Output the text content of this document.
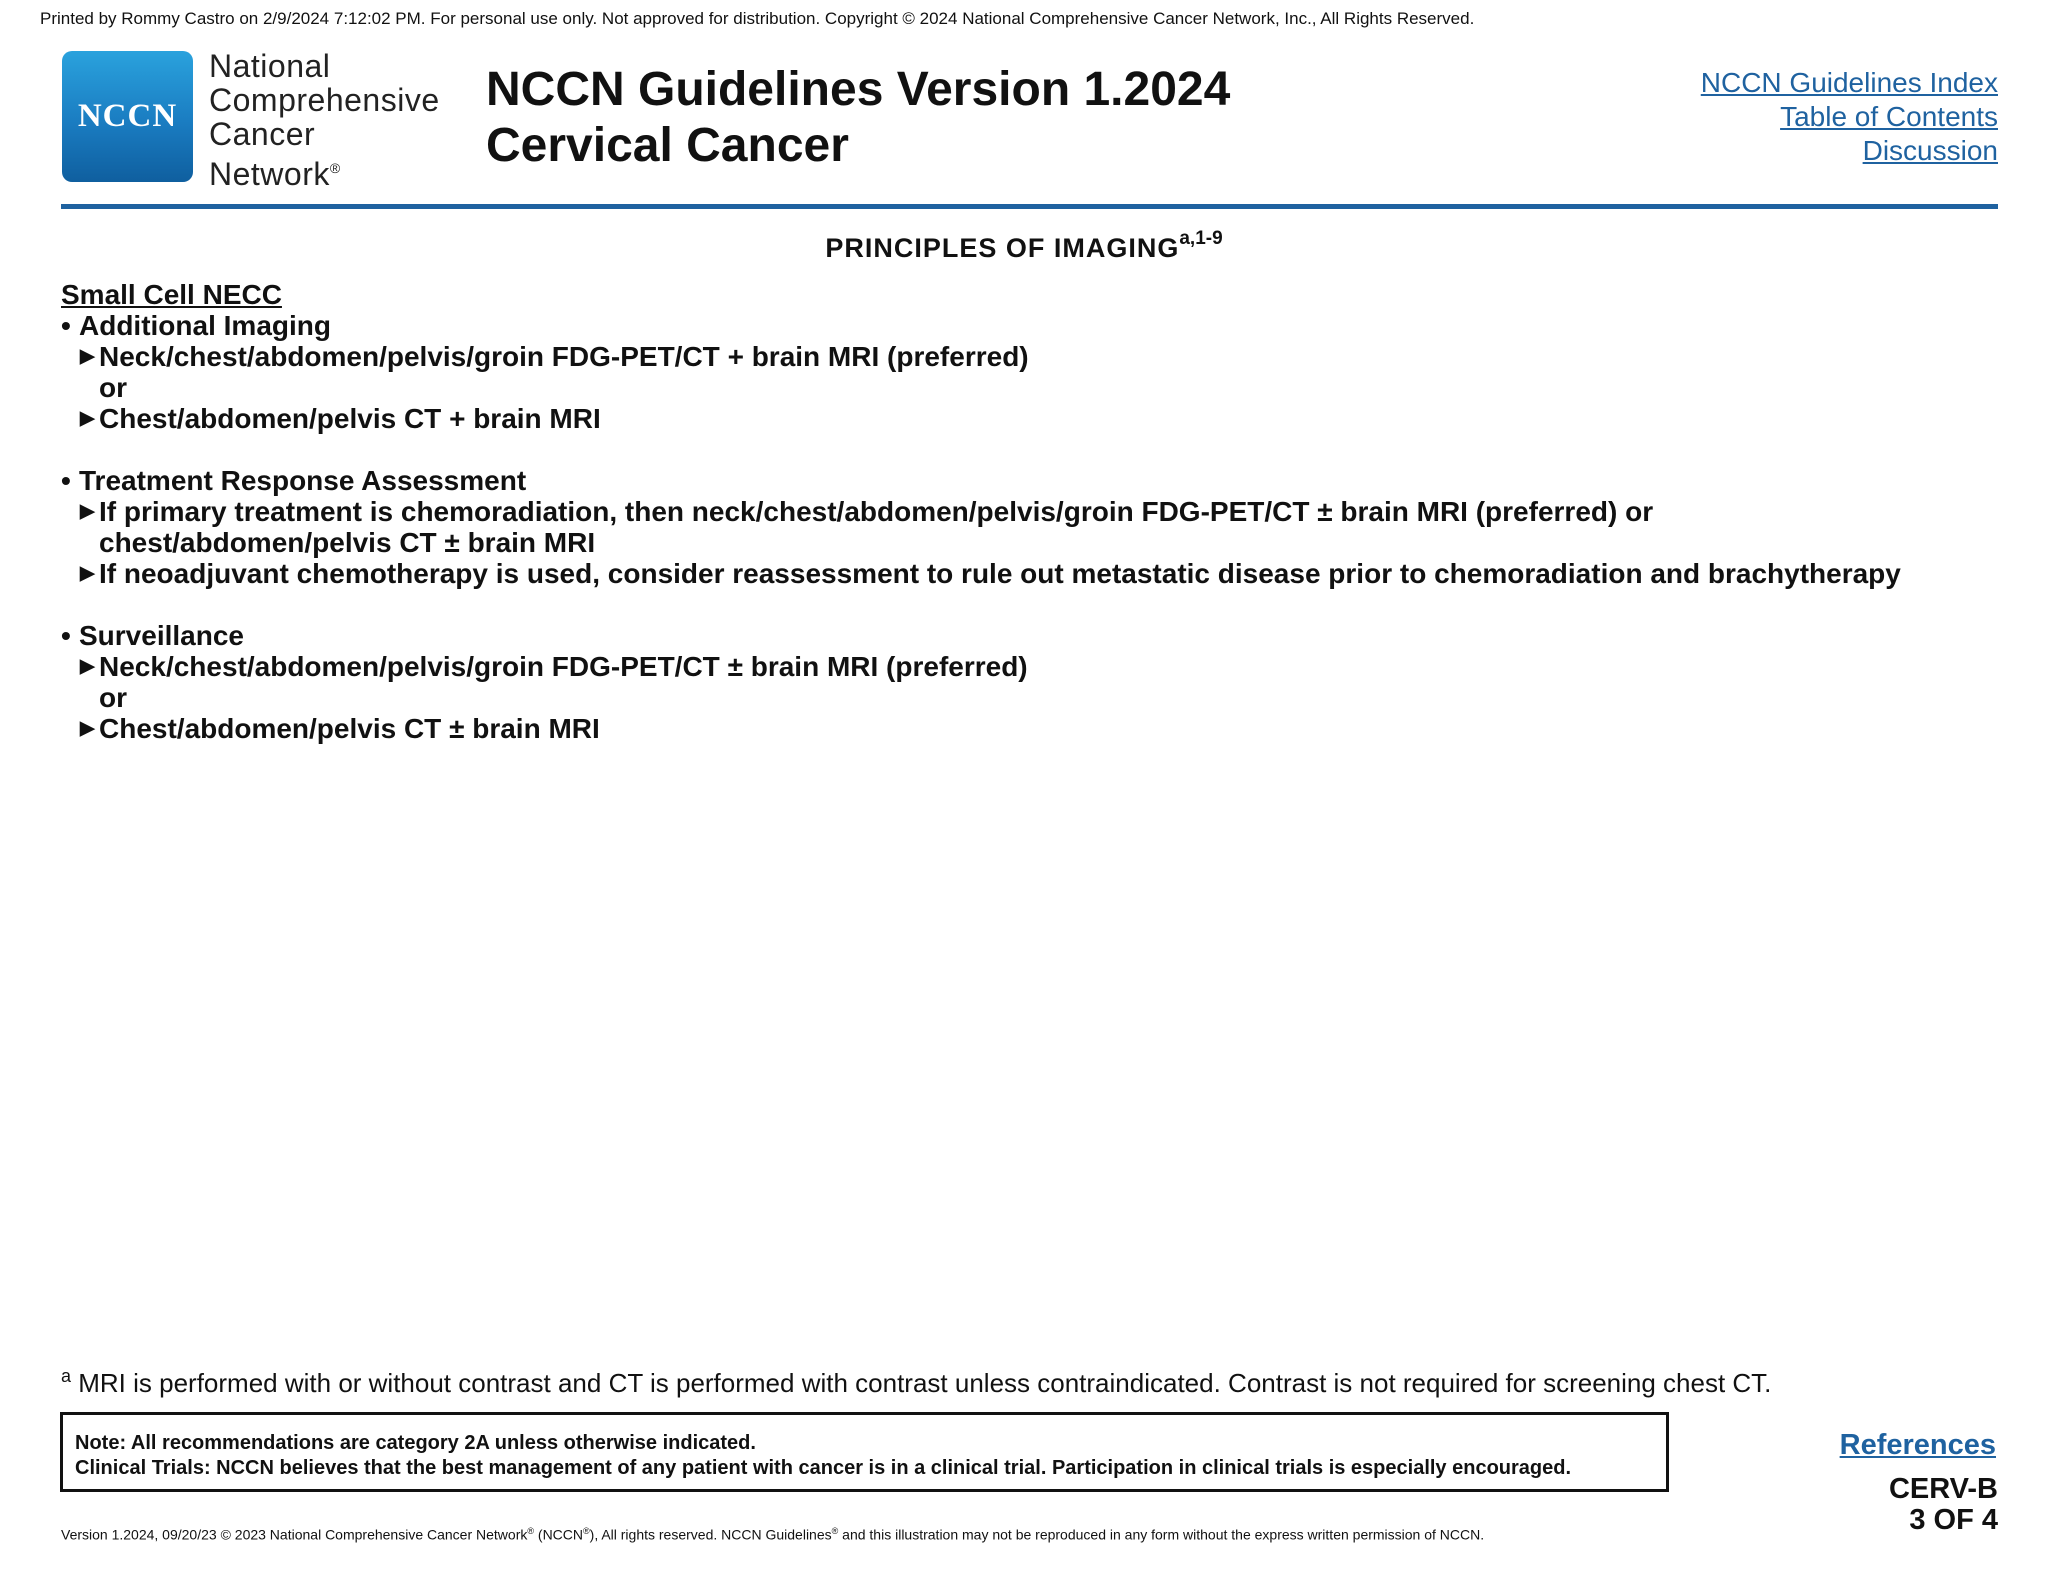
Printed by Rommy Castro on 2/9/2024 7:12:02 PM. For personal use only. Not approved for distribution. Copyright © 2024 National Comprehensive Cancer Network, Inc., All Rights Reserved.
NCCN
National
Comprehensive
Cancer
Network®
NCCN Guidelines Version 1.2024
Cervical Cancer
NCCN Guidelines Index
Table of Contents
Discussion
PRINCIPLES OF IMAGING$^{a,1-9}$
Small Cell NECC
• Additional Imaging
▶ Neck/chest/abdomen/pelvis/groin FDG-PET/CT + brain MRI (preferred)
or
▶ Chest/abdomen/pelvis CT + brain MRI
• Treatment Response Assessment
▶ If primary treatment is chemoradiation, then neck/chest/abdomen/pelvis/groin FDG-PET/CT ± brain MRI (preferred) or
chest/abdomen/pelvis CT ± brain MRI
▶ If neoadjuvant chemotherapy is used, consider reassessment to rule out metastatic disease prior to chemoradiation and brachytherapy
• Surveillance
▶ Neck/chest/abdomen/pelvis/groin FDG-PET/CT ± brain MRI (preferred)
or
▶ Chest/abdomen/pelvis CT ± brain MRI
$^a$ MRI is performed with or without contrast and CT is performed with contrast unless contraindicated. Contrast is not required for screening chest CT.
Note: All recommendations are category 2A unless otherwise indicated.
Clinical Trials: NCCN believes that the best management of any patient with cancer is in a clinical trial. Participation in clinical trials is especially encouraged.
References
CERV-B
3 OF 4
Version 1.2024, 09/20/23 © 2023 National Comprehensive Cancer Network® (NCCN®), All rights reserved. NCCN Guidelines® and this illustration may not be reproduced in any form without the express written permission of NCCN.
